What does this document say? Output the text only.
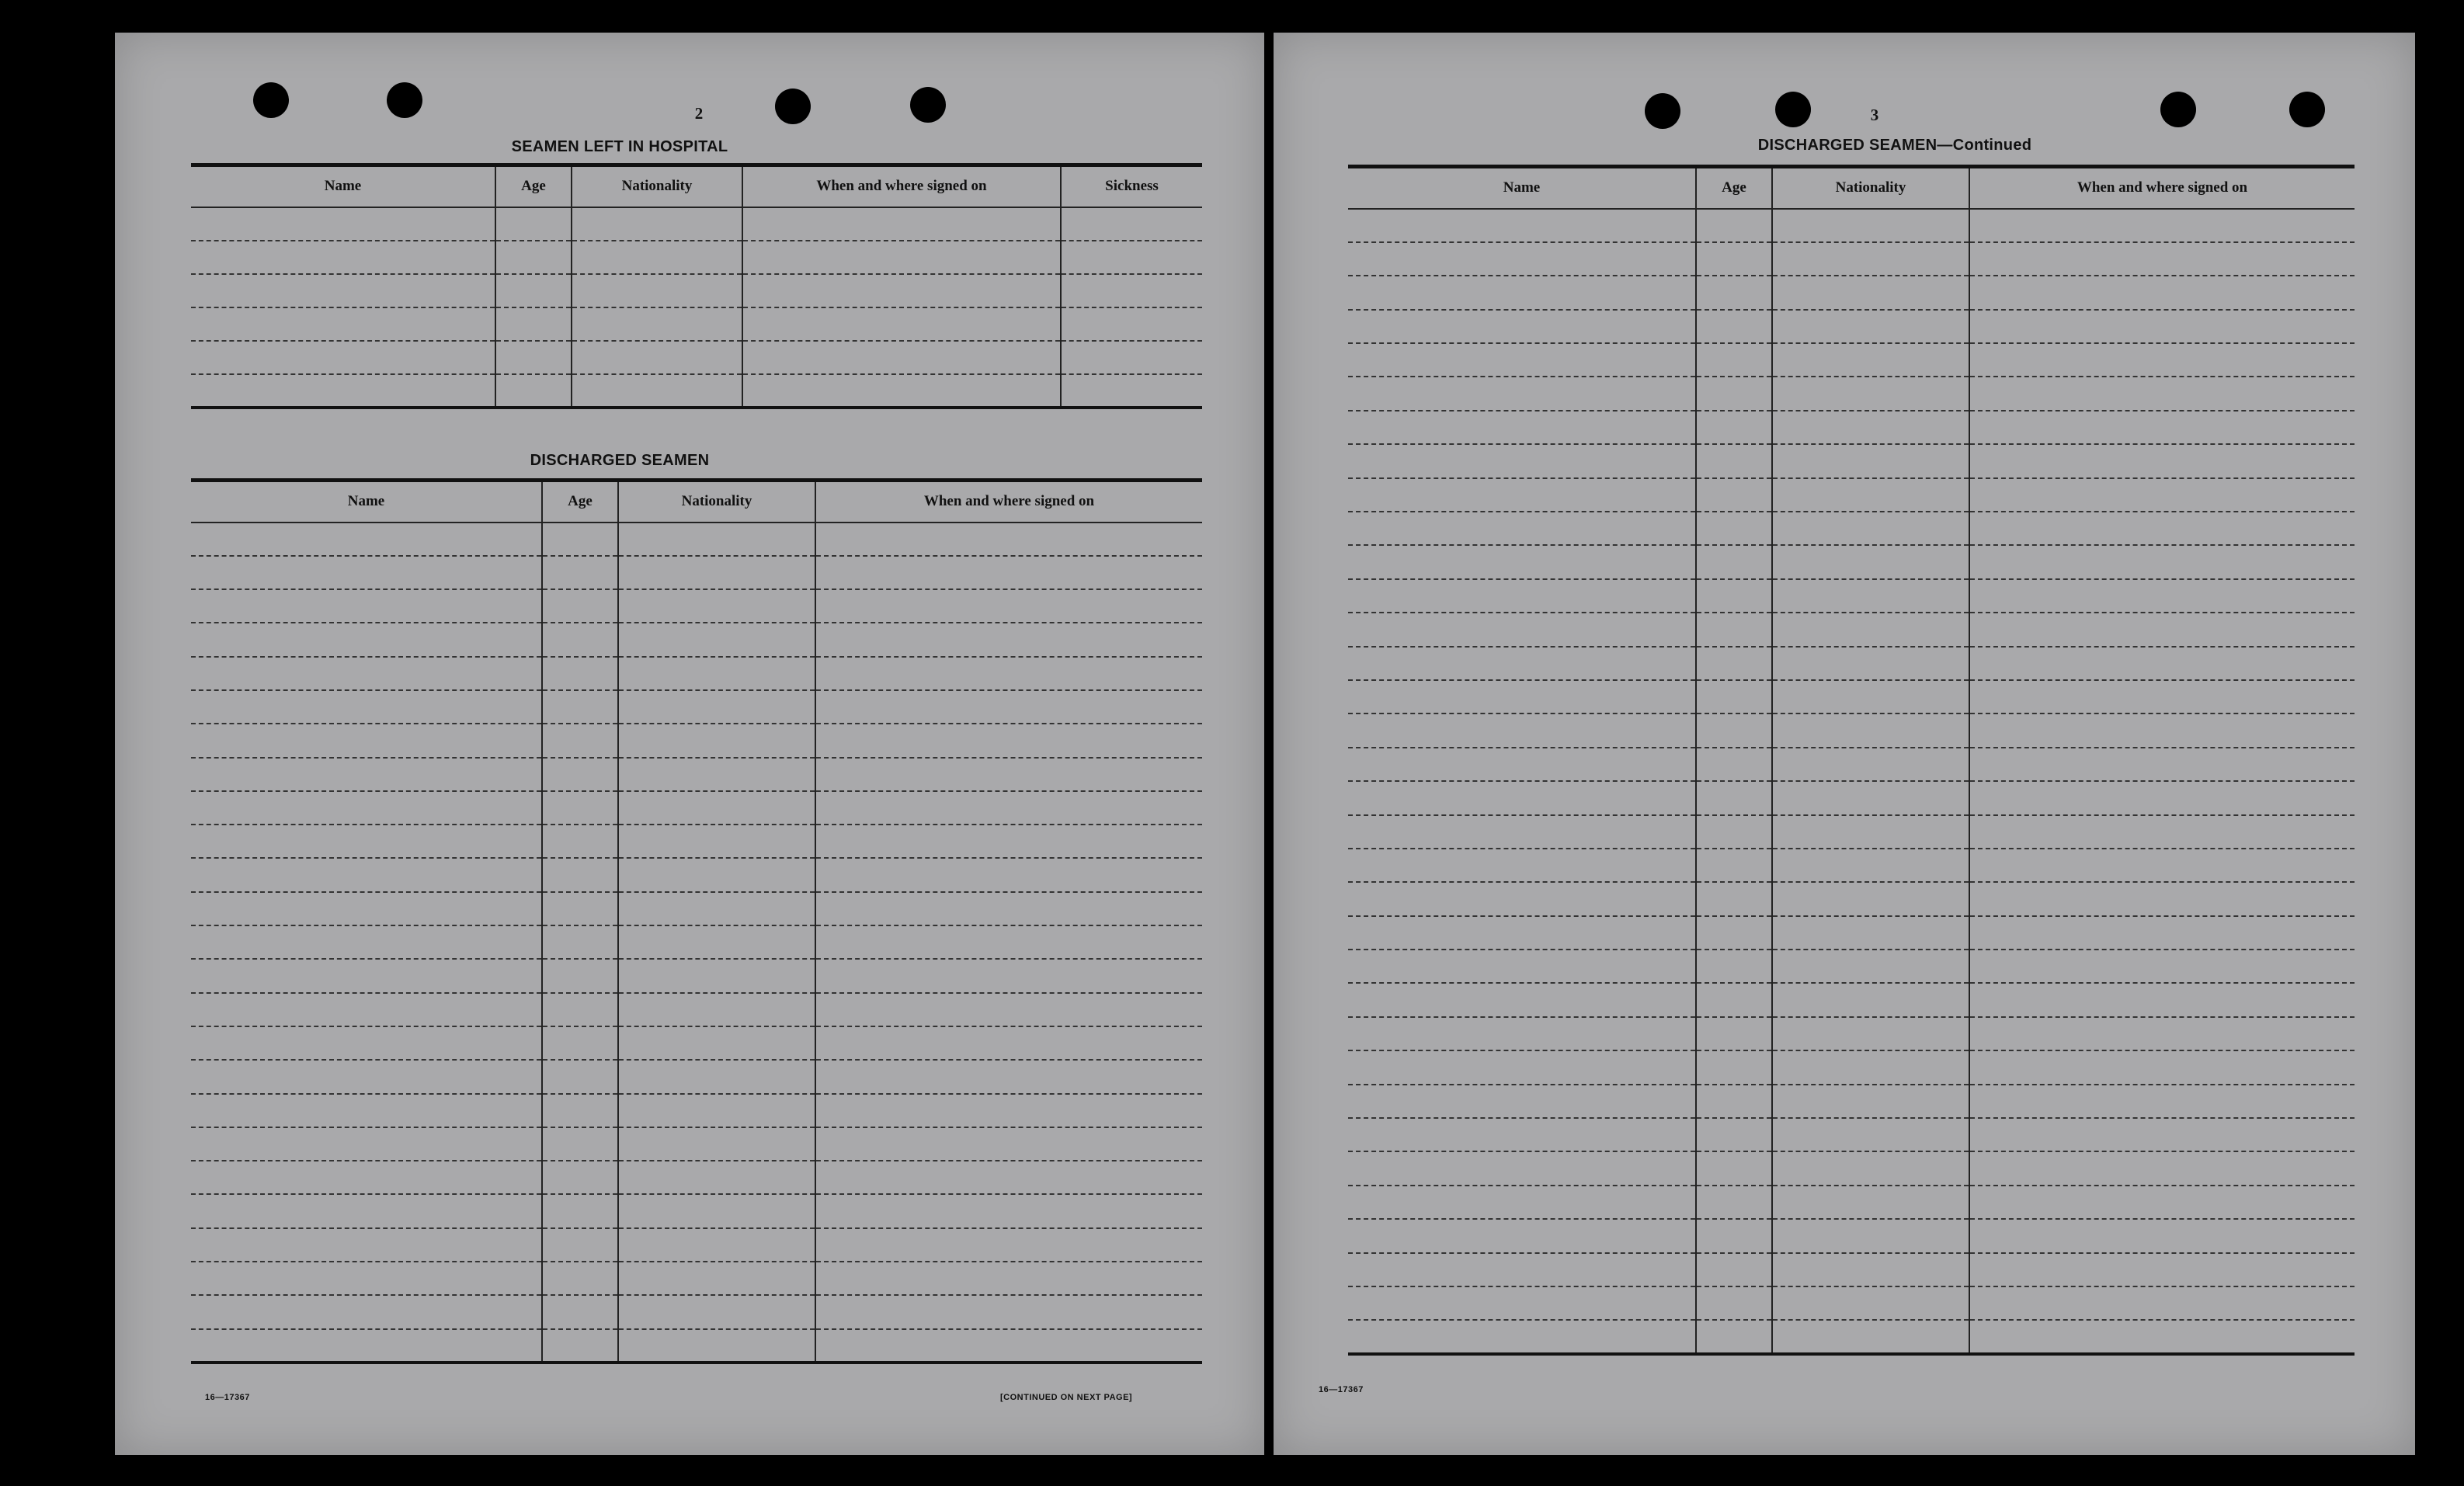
2
SEAMEN LEFT IN HOSPITAL
Name	Age	Nationality	When and where signed on	Sickness

DISCHARGED SEAMEN
Name	Age	Nationality	When and where signed on

16—17367	[CONTINUED ON NEXT PAGE]
3
DISCHARGED SEAMEN—Continued
Name	Age	Nationality	When and where signed on

16—17367
